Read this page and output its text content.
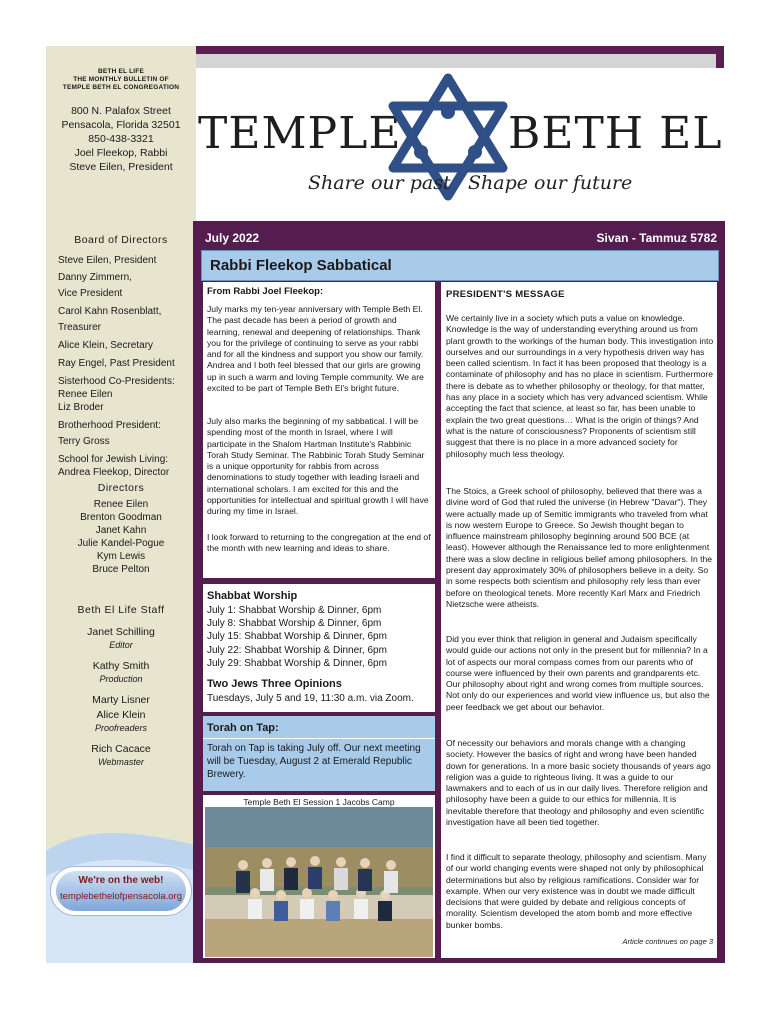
BETH EL LIFE
THE MONTHLY BULLETIN OF
TEMPLE BETH EL CONGREGATION
800 N. Palafox Street
Pensacola, Florida 32501
850-438-3321
Joel Fleekop, Rabbi
Steve Eilen, President
Board of Directors
Steve Eilen, President
Danny Zimmern,
Vice President
Carol Kahn Rosenblatt,
Treasurer
Alice Klein, Secretary
Ray Engel, Past President
Sisterhood Co-Presidents:
Renee Eilen
Liz Broder
Brotherhood President:
Terry Gross
School for Jewish Living:
Andrea Fleekop, Director
Directors
Renee Eilen
Brenton Goodman
Janet Kahn
Julie Kandel-Pogue
Kym Lewis
Bruce Pelton
Beth El Life Staff
Janet Schilling
Editor
Kathy Smith
Production
Marty Lisner
Alice Klein
Proofreaders
Rich Cacace
Webmaster
We're on the web!
templebethelofpensacola.org
TEMPLE BETH EL
Share our past Shape our future
July 2022	Sivan - Tammuz 5782
Rabbi Fleekop Sabbatical
From Rabbi Joel Fleekop:
July marks my ten-year anniversary with Temple Beth El. The past decade has been a period of growth and learning, renewal and deepening of relationships. Thank you for the privilege of continuing to serve as your rabbi and for all the kindness and support you show our family. Andrea and I both feel blessed that our girls are growing up in such a warm and loving Temple community. We are excited to be part of Temple Beth El's bright future.
July also marks the beginning of my sabbatical. I will be spending most of the month in Israel, where I will participate in the Shalom Hartman Institute's Rabbinic Torah Study Seminar. The Rabbinic Torah Study Seminar is a unique opportunity for rabbis from across denominations to study together with leading Israeli and international scholars. I am excited for this and the opportunities for intellectual and spiritual growth I will have during my time in Israel.
I look forward to returning to the congregation at the end of the month with new learning and ideas to share.
Shabbat Worship
July 1: Shabbat Worship & Dinner, 6pm
July 8: Shabbat Worship & Dinner, 6pm
July 15: Shabbat Worship & Dinner, 6pm
July 22: Shabbat Worship & Dinner, 6pm
July 29: Shabbat Worship & Dinner, 6pm
Two Jews Three Opinions
Tuesdays, July 5 and 19, 11:30 a.m. via Zoom.
Torah on Tap:
Torah on Tap is taking July off. Our next meeting will be Tuesday, August 2 at Emerald Republic Brewery.
Temple Beth El Session 1 Jacobs Camp
PRESIDENT'S MESSAGE
We certainly live in a society which puts a value on knowledge. Knowledge is the way of understanding everything around us from plant growth to the workings of the human body. This investigation into ourselves and our surroundings in a very hypothesis driven way has been called scientism. In fact it has been proposed that theology is a contaminate of philosophy and has no place in scientism. Furthermore there is debate as to whether philosophy or theology, for that matter, has any place in a society which has very advanced scientism. While accepting the fact that science, at least so far, has been unable to explain the two great questions… What is the origin of things? And what is the nature of consciousness? Proponents of scientism still suggest that there is no place in a more advanced society for philosophy much less theology.
The Stoics, a Greek school of philosophy, believed that there was a divine word of God that ruled the universe (in Hebrew "Davar"). They were actually made up of Semitic immigrants who traveled from what is now western Europe to Greece. So Jewish thought began to influence mainstream philosophy beginning around 500 BCE (at least). However although the Renaissance led to more enlightenment there was a slow decline in religious belief among philosophers. In the present day approximately 30% of philosophers believe in a deity. So in some respects both scientism and philosophy rely less than ever before on theological tenets. More recently Karl Marx and Friedrich Nietzsche were atheists.
Did you ever think that religion in general and Judaism specifically would guide our actions not only in the present but for millennia? In a lot of aspects our moral compass comes from our parents who of course were influenced by their own parents and grandparents etc. Our philosophy about right and wrong comes from multiple sources. Not only do our experiences and world view influence us, but also the peer feedback we get about our behavior.
Of necessity our behaviors and morals change with a changing society. However the basics of right and wrong have been handed down for generations. In a more basic society thousands of years ago religion was a guide to righteous living. It was a guide to our lawmakers and to each of us in our daily lives. Therefore religion and philosophy have been a guide to our ethics for millennia. It is inevitable therefore that theology and philosophy and even scientific investigation have all been tied together.
I find it difficult to separate theology, philosophy and scientism. Many of our world changing events were shaped not only by philosophical determinations but also by religious ramifications. Consider war for example. When our very existence was in doubt we made difficult decisions that were guided by debate and religious concepts of morality. Scientism developed the atom bomb and more effective bunker bombs.
Article continues on page 3
